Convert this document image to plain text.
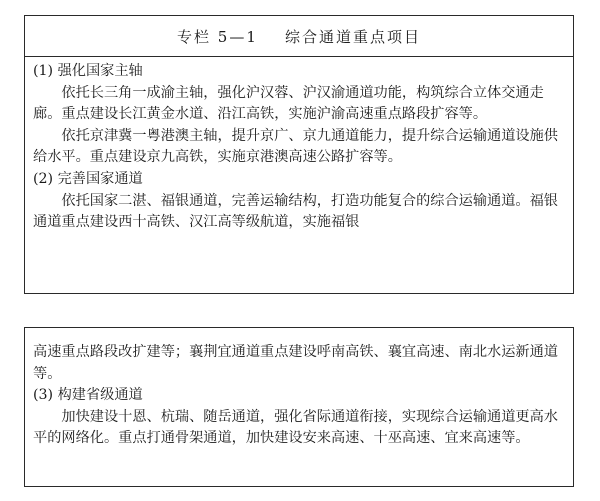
专栏 5—1    综合通道重点项目

(1) 强化国家主轴

依托长三角一成渝主轴，强化沪汉蓉、沪汉渝通道功能，构筑综合立体交通走廊。重点建设长江黄金水道、沿江高铁，实施沪渝高速重点路段扩容等。

依托京津冀一粤港澳主轴，提升京广、京九通道能力，提升综合运输通道设施供给水平。重点建设京九高铁，实施京港澳高速公路扩容等。

(2) 完善国家通道

依托国家二湛、福银通道，完善运输结构，打造功能复合的综合运输通道。福银通道重点建设西十高铁、汉江高等级航道，实施福银

高速重点路段改扩建等；襄荆宜通道重点建设呼南高铁、襄宜高速、南北水运新通道等。

(3) 构建省级通道

加快建设十恩、杭瑞、随岳通道，强化省际通道衔接，实现综合运输通道更高水平的网络化。重点打通骨架通道，加快建设安来高速、十巫高速、宜来高速等。
